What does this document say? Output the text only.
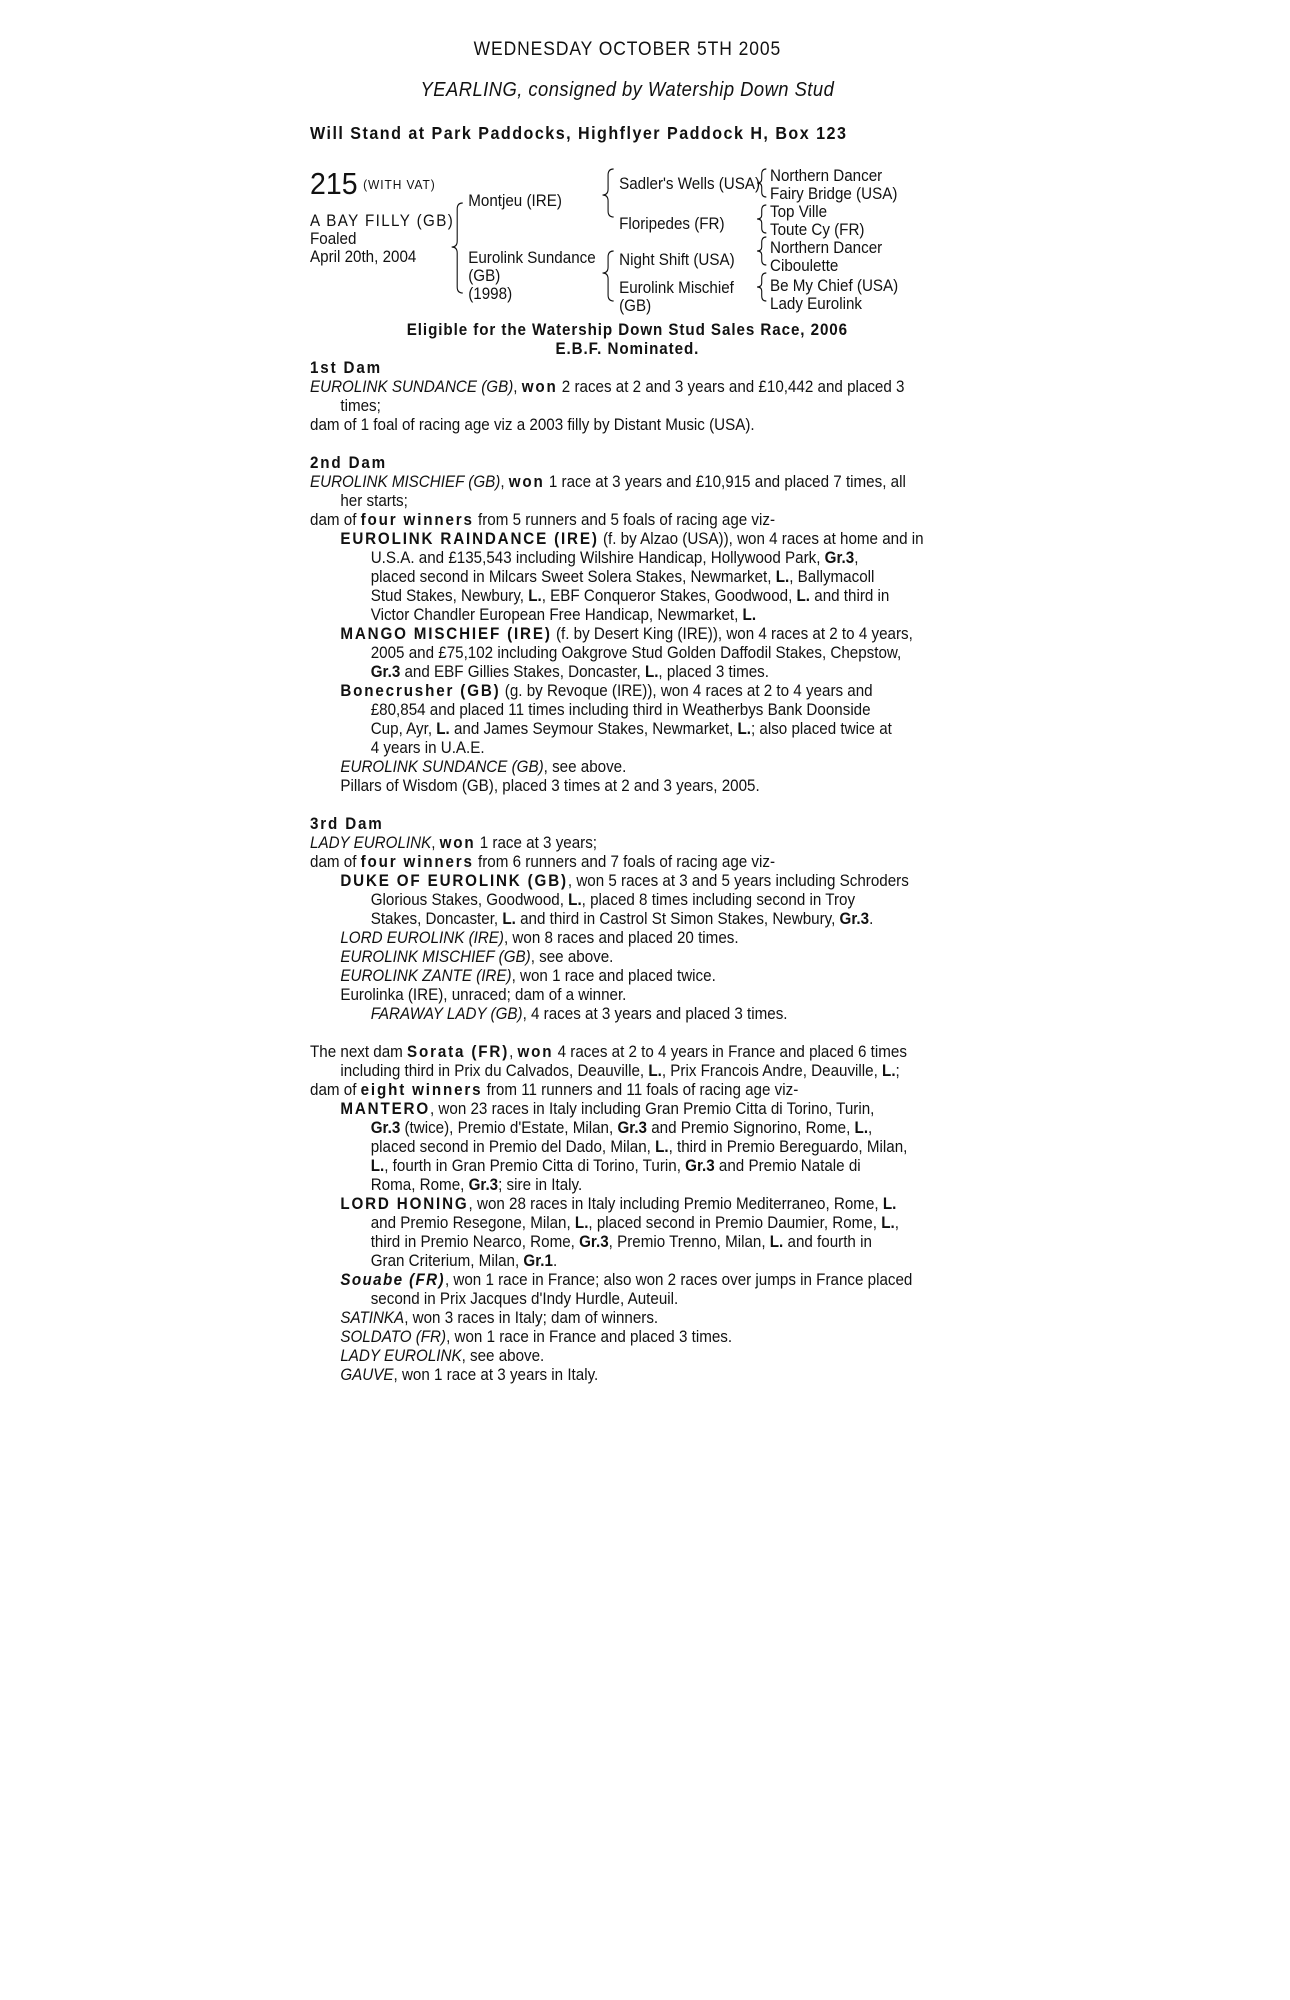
WEDNESDAY OCTOBER 5TH 2005
YEARLING, consigned by Watership Down Stud
Will Stand at Park Paddocks, Highflyer Paddock H, Box 123
215 (WITH VAT)
A BAY FILLY (GB)
Foaled
April 20th, 2004
Montjeu (IRE)
Eurolink Sundance
(GB)
(1998)
Sadler's Wells (USA)
Floripedes (FR)
Night Shift (USA)
Eurolink Mischief
(GB)
Northern Dancer
Fairy Bridge (USA)
Top Ville
Toute Cy (FR)
Northern Dancer
Ciboulette
Be My Chief (USA)
Lady Eurolink
Eligible for the Watership Down Stud Sales Race, 2006
E.B.F. Nominated.
1st Dam
EUROLINK SUNDANCE (GB), won 2 races at 2 and 3 years and £10,442 and placed 3
times;
dam of 1 foal of racing age viz a 2003 filly by Distant Music (USA).
2nd Dam
EUROLINK MISCHIEF (GB), won 1 race at 3 years and £10,915 and placed 7 times, all
her starts;
dam of four winners from 5 runners and 5 foals of racing age viz-
EUROLINK RAINDANCE (IRE) (f. by Alzao (USA)), won 4 races at home and in
U.S.A. and £135,543 including Wilshire Handicap, Hollywood Park, Gr.3,
placed second in Milcars Sweet Solera Stakes, Newmarket, L., Ballymacoll
Stud Stakes, Newbury, L., EBF Conqueror Stakes, Goodwood, L. and third in
Victor Chandler European Free Handicap, Newmarket, L.
MANGO MISCHIEF (IRE) (f. by Desert King (IRE)), won 4 races at 2 to 4 years,
2005 and £75,102 including Oakgrove Stud Golden Daffodil Stakes, Chepstow,
Gr.3 and EBF Gillies Stakes, Doncaster, L., placed 3 times.
Bonecrusher (GB) (g. by Revoque (IRE)), won 4 races at 2 to 4 years and
£80,854 and placed 11 times including third in Weatherbys Bank Doonside
Cup, Ayr, L. and James Seymour Stakes, Newmarket, L.; also placed twice at
4 years in U.A.E.
EUROLINK SUNDANCE (GB), see above.
Pillars of Wisdom (GB), placed 3 times at 2 and 3 years, 2005.
3rd Dam
LADY EUROLINK, won 1 race at 3 years;
dam of four winners from 6 runners and 7 foals of racing age viz-
DUKE OF EUROLINK (GB), won 5 races at 3 and 5 years including Schroders
Glorious Stakes, Goodwood, L., placed 8 times including second in Troy
Stakes, Doncaster, L. and third in Castrol St Simon Stakes, Newbury, Gr.3.
LORD EUROLINK (IRE), won 8 races and placed 20 times.
EUROLINK MISCHIEF (GB), see above.
EUROLINK ZANTE (IRE), won 1 race and placed twice.
Eurolinka (IRE), unraced; dam of a winner.
FARAWAY LADY (GB), 4 races at 3 years and placed 3 times.
The next dam Sorata (FR), won 4 races at 2 to 4 years in France and placed 6 times
including third in Prix du Calvados, Deauville, L., Prix Francois Andre, Deauville, L.;
dam of eight winners from 11 runners and 11 foals of racing age viz-
MANTERO, won 23 races in Italy including Gran Premio Citta di Torino, Turin,
Gr.3 (twice), Premio d'Estate, Milan, Gr.3 and Premio Signorino, Rome, L.,
placed second in Premio del Dado, Milan, L., third in Premio Bereguardo, Milan,
L., fourth in Gran Premio Citta di Torino, Turin, Gr.3 and Premio Natale di
Roma, Rome, Gr.3; sire in Italy.
LORD HONING, won 28 races in Italy including Premio Mediterraneo, Rome, L.
and Premio Resegone, Milan, L., placed second in Premio Daumier, Rome, L.,
third in Premio Nearco, Rome, Gr.3, Premio Trenno, Milan, L. and fourth in
Gran Criterium, Milan, Gr.1.
Souabe (FR), won 1 race in France; also won 2 races over jumps in France placed
second in Prix Jacques d'Indy Hurdle, Auteuil.
SATINKA, won 3 races in Italy; dam of winners.
SOLDATO (FR), won 1 race in France and placed 3 times.
LADY EUROLINK, see above.
GAUVE, won 1 race at 3 years in Italy.
